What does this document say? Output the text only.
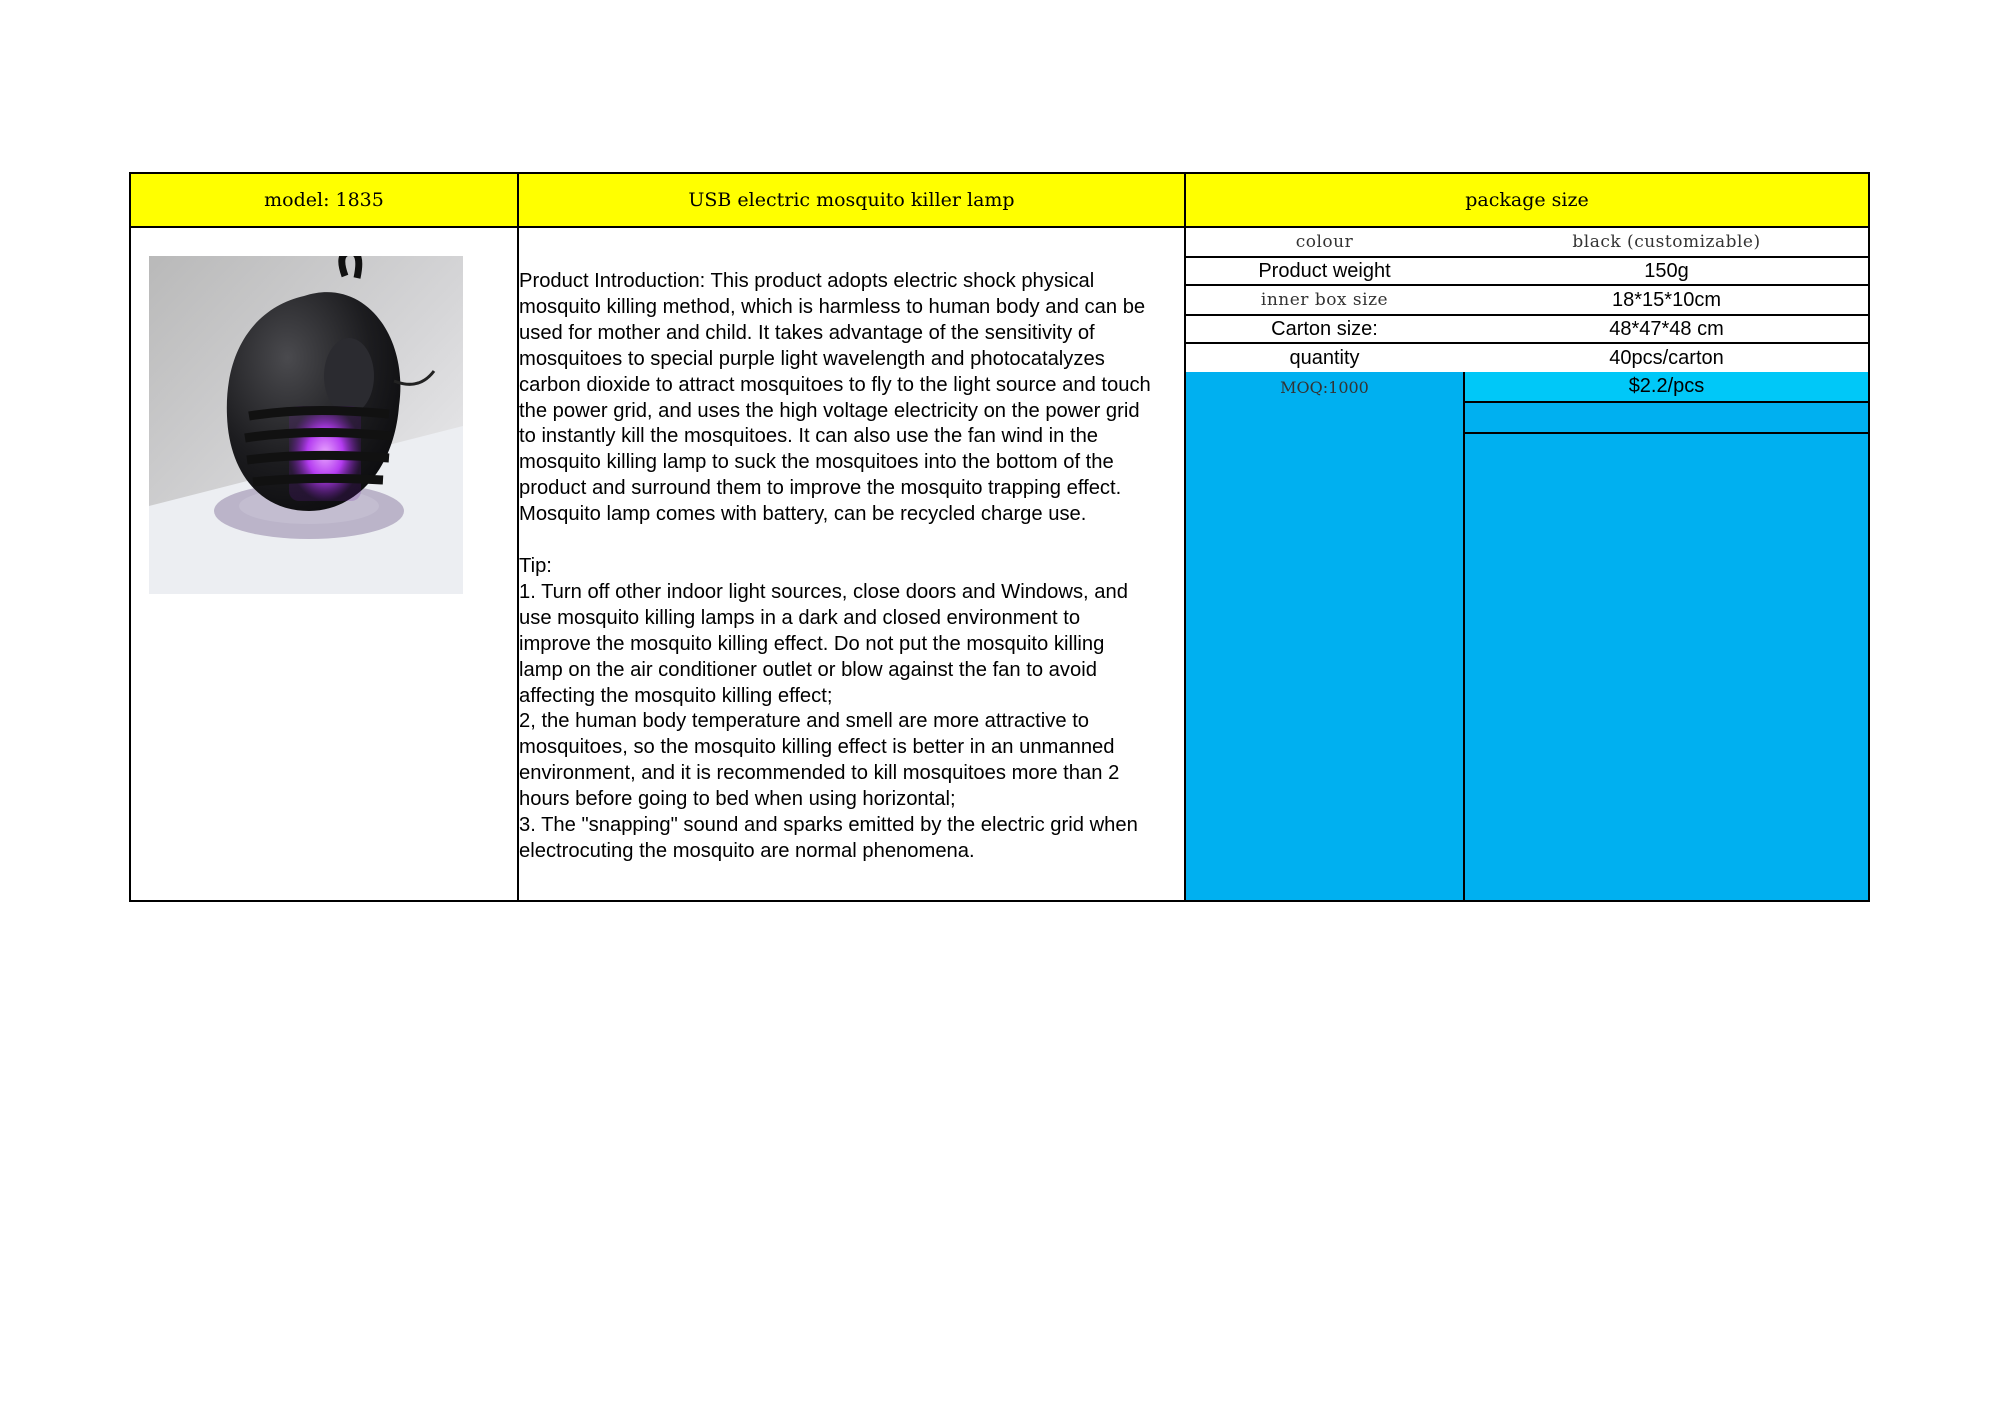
model: 1835	USB electric mosquito killer lamp	package size
Product Introduction: This product adopts electric shock physical
mosquito killing method, which is harmless to human body and can be
used for mother and child. It takes advantage of the sensitivity of
mosquitoes to special purple light wavelength and photocatalyzes
carbon dioxide to attract mosquitoes to fly to the light source and touch
the power grid, and uses the high voltage electricity on the power grid
to instantly kill the mosquitoes. It can also use the fan wind in the
mosquito killing lamp to suck the mosquitoes into the bottom of the
product and surround them to improve the mosquito trapping effect.
Mosquito lamp comes with battery, can be recycled charge use.

Tip:
1. Turn off other indoor light sources, close doors and Windows, and
use mosquito killing lamps in a dark and closed environment to
improve the mosquito killing effect. Do not put the mosquito killing
lamp on the air conditioner outlet or blow against the fan to avoid
affecting the mosquito killing effect;
2, the human body temperature and smell are more attractive to
mosquitoes, so the mosquito killing effect is better in an unmanned
environment, and it is recommended to kill mosquitoes more than 2
hours before going to bed when using horizontal;
3. The "snapping" sound and sparks emitted by the electric grid when
electrocuting the mosquito are normal phenomena.
colour	black (customizable)
Product weight	150g
inner box size	18*15*10cm
Carton size:	48*47*48 cm
quantity	40pcs/carton
MOQ:1000	$2.2/pcs
